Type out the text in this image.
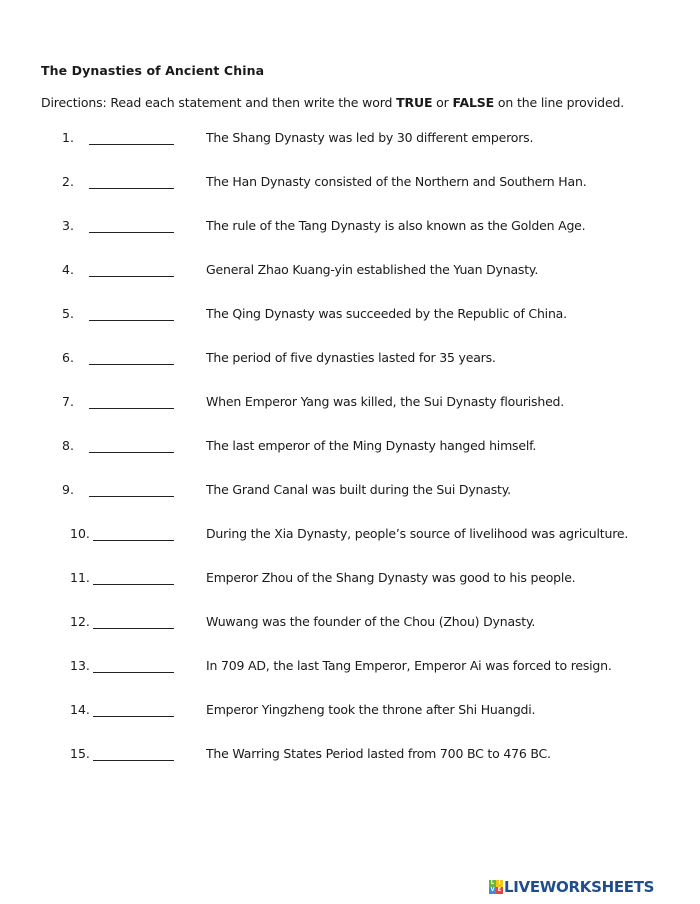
The Dynasties of Ancient China
Directions: Read each statement and then write the word TRUE or FALSE on the line provided.
1.	The Shang Dynasty was led by 30 different emperors.
2.	The Han Dynasty consisted of the Northern and Southern Han.
3.	The rule of the Tang Dynasty is also known as the Golden Age.
4.	General Zhao Kuang-yin established the Yuan Dynasty.
5.	The Qing Dynasty was succeeded by the Republic of China.
6.	The period of five dynasties lasted for 35 years.
7.	When Emperor Yang was killed, the Sui Dynasty flourished.
8.	The last emperor of the Ming Dynasty hanged himself.
9.	The Grand Canal was built during the Sui Dynasty.
10.	During the Xia Dynasty, people’s source of livelihood was agriculture.
11.	Emperor Zhou of the Shang Dynasty was good to his people.
12.	Wuwang was the founder of the Chou (Zhou) Dynasty.
13.	In 709 AD, the last Tang Emperor, Emperor Ai was forced to resign.
14.	Emperor Yingzheng took the throne after Shi Huangdi.
15.	The Warring States Period lasted from 700 BC to 476 BC.
L I
V E LIVEWORKSHEETS
